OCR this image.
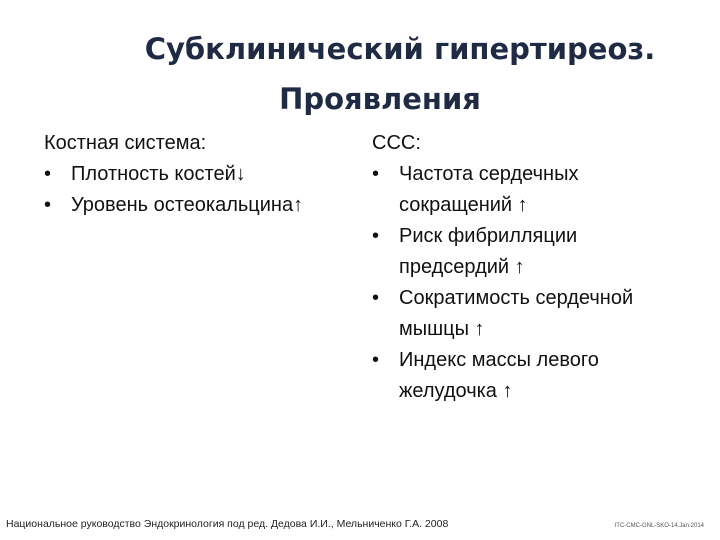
Субклинический гипертиреоз.
Проявления
Костная система:
• Плотность костей↓
• Уровень остеокальцина↑
ССС:
• Частота сердечных сокращений ↑
• Риск фибрилляции предсердий ↑
• Сократимость сердечной мышцы ↑
• Индекс массы левого желудочка ↑
Национальное руководство Эндокринология под ред. Дедова И.И., Мельниченко Г.А. 2008	ITC-CMC-GNL-SKO-14.Jan.2014
